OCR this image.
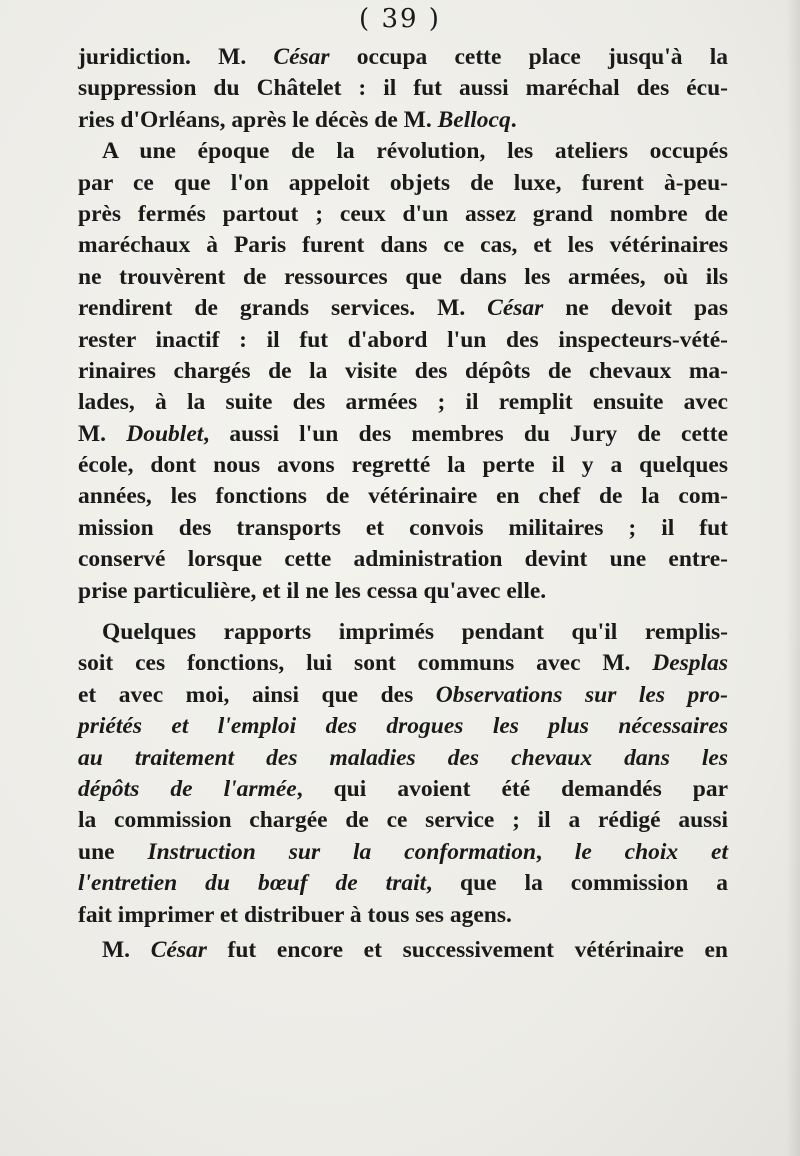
( 39 )
juridiction. M. César occupa cette place jusqu'à la
suppression du Châtelet : il fut aussi maréchal des écu-
ries d'Orléans, après le décès de M. Bellocq.
A une époque de la révolution, les ateliers occupés
par ce que l'on appeloit objets de luxe, furent à-peu-
près fermés partout ; ceux d'un assez grand nombre de
maréchaux à Paris furent dans ce cas, et les vétérinaires
ne trouvèrent de ressources que dans les armées, où ils
rendirent de grands services. M. César ne devoit pas
rester inactif : il fut d'abord l'un des inspecteurs-vété-
rinaires chargés de la visite des dépôts de chevaux ma-
lades, à la suite des armées ; il remplit ensuite avec
M. Doublet, aussi l'un des membres du Jury de cette
école, dont nous avons regretté la perte il y a quelques
années, les fonctions de vétérinaire en chef de la com-
mission des transports et convois militaires ; il fut
conservé lorsque cette administration devint une entre-
prise particulière, et il ne les cessa qu'avec elle.
Quelques rapports imprimés pendant qu'il remplis-
soit ces fonctions, lui sont communs avec M. Desplas
et avec moi, ainsi que des Observations sur les pro-
priétés et l'emploi des drogues les plus nécessaires
au traitement des maladies des chevaux dans les
dépôts de l'armée, qui avoient été demandés par
la commission chargée de ce service ; il a rédigé aussi
une Instruction sur la conformation, le choix et
l'entretien du bœuf de trait, que la commission a
fait imprimer et distribuer à tous ses agens.
M. César fut encore et successivement vétérinaire en
